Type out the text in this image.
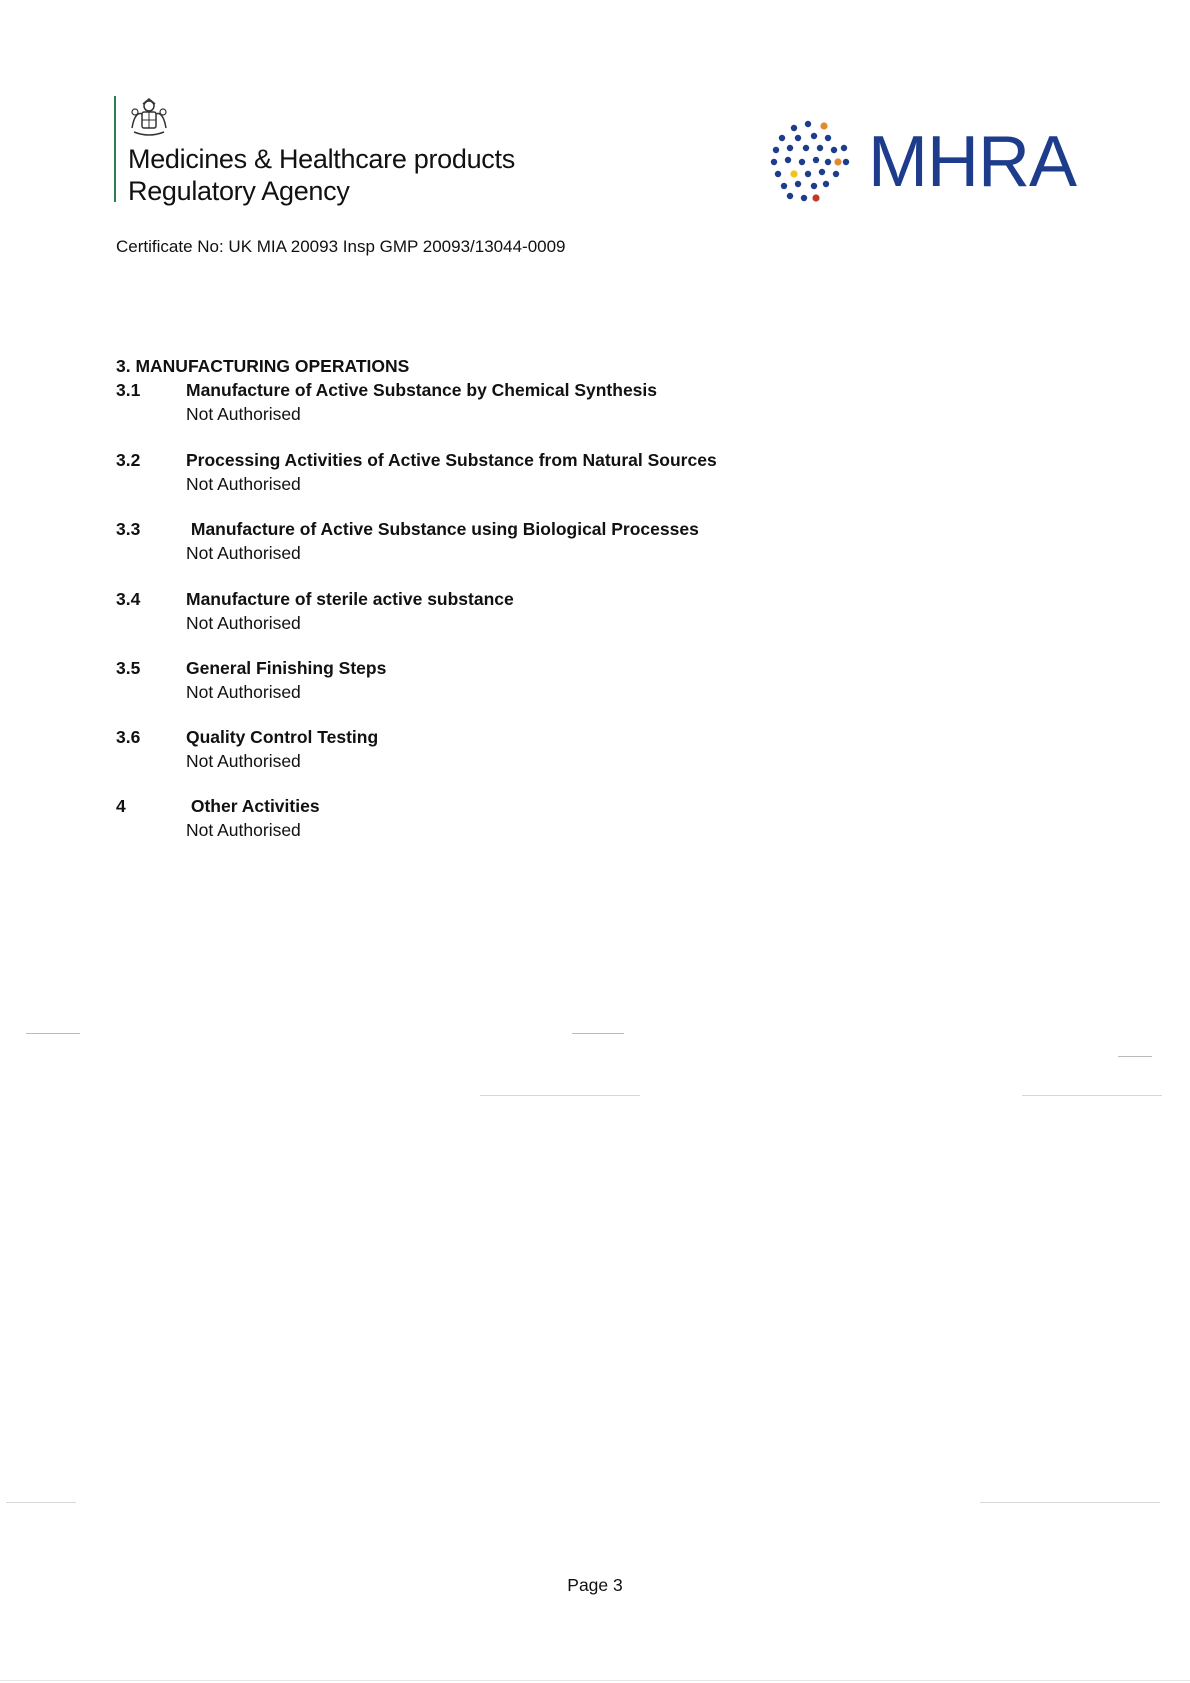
Medicines & Healthcare products
Regulatory Agency	MHRA
Certificate No: UK MIA 20093 Insp GMP 20093/13044-0009
3. MANUFACTURING OPERATIONS
3.1	Manufacture of Active Substance by Chemical Synthesis
Not Authorised
3.2	Processing Activities of Active Substance from Natural Sources
Not Authorised
3.3	Manufacture of Active Substance using Biological Processes
Not Authorised
3.4	Manufacture of sterile active substance
Not Authorised
3.5	General Finishing Steps
Not Authorised
3.6	Quality Control Testing
Not Authorised
4	Other Activities
Not Authorised
Page 3
